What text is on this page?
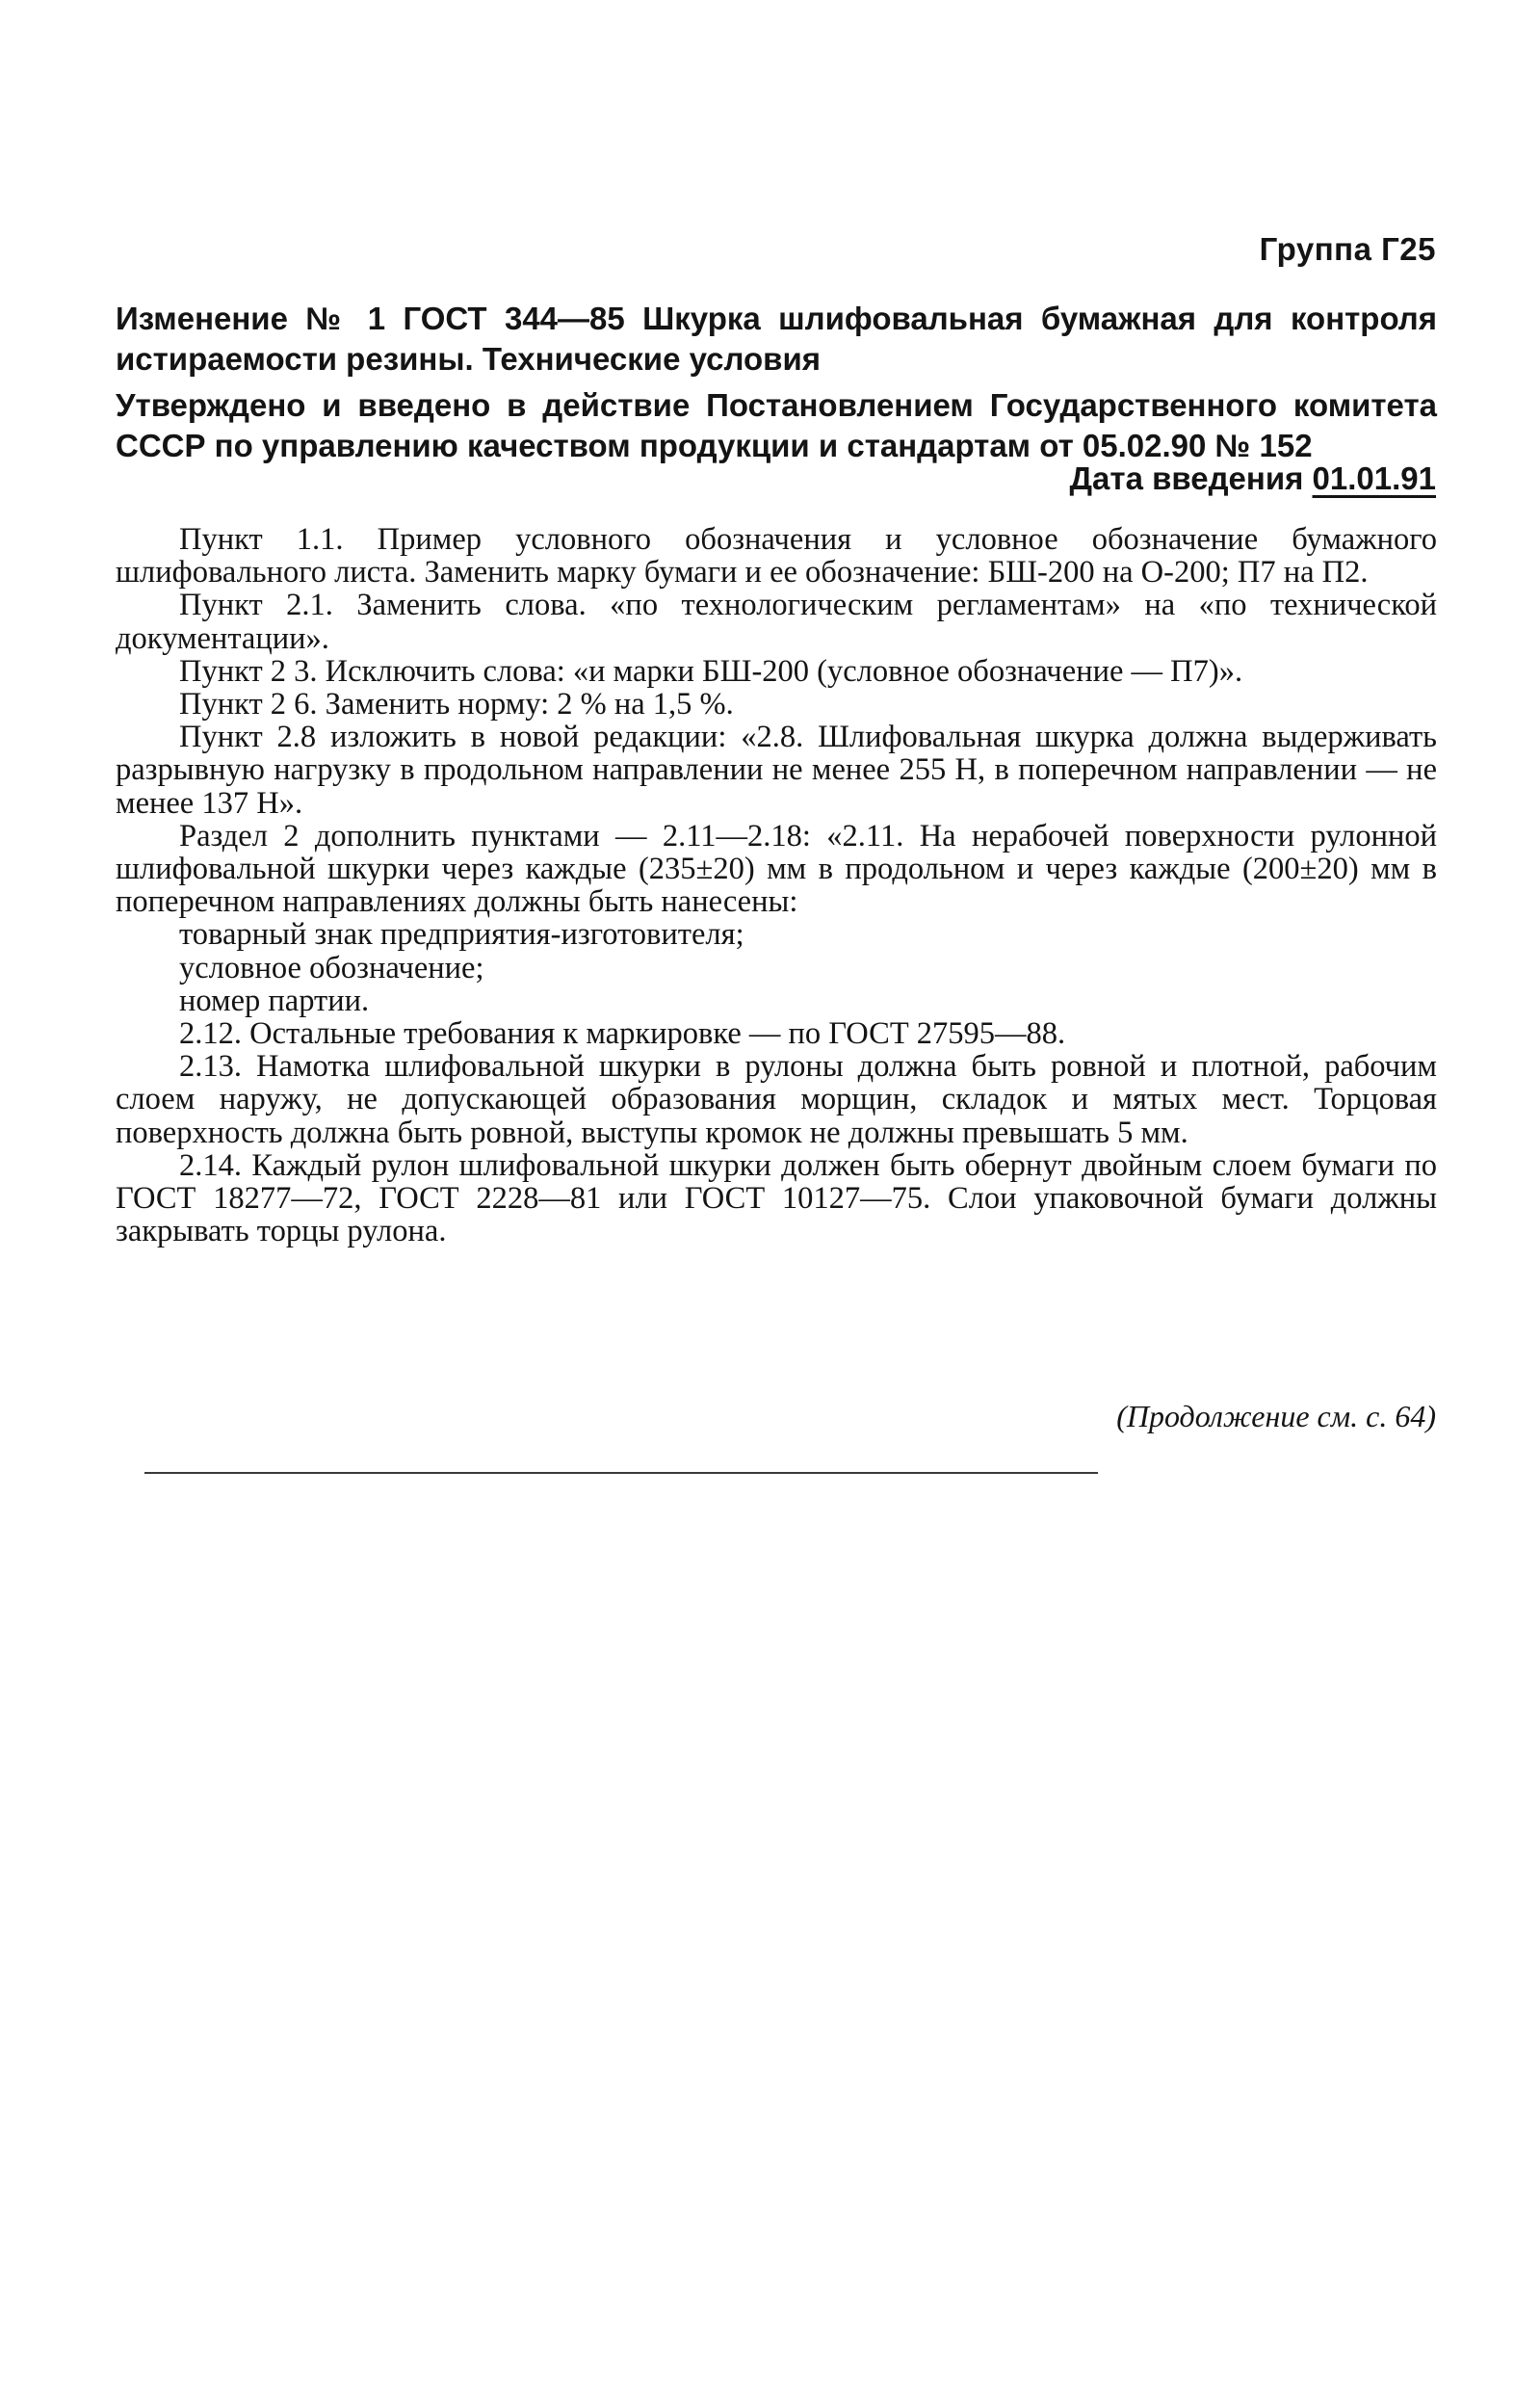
Группа Г25
Изменение № 1 ГОСТ 344—85 Шкурка шлифовальная бумажная для контроля истираемости резины. Технические условия
Утверждено и введено в действие Постановлением Государственного комитета СССР по управлению качеством продукции и стандартам от 05.02.90 № 152
Дата введения 01.01.91

Пункт 1.1. Пример условного обозначения и условное обозначение бумажного шлифовального листа. Заменить марку бумаги и ее обозначение: БШ-200 на О-200; П7 на П2.

Пункт 2.1. Заменить слова. «по технологическим регламентам» на «по технической документации».

Пункт 2 3. Исключить слова: «и марки БШ-200 (условное обозначение — П7)».

Пункт 2 6. Заменить норму: 2 % на 1,5 %.

Пункт 2.8 изложить в новой редакции: «2.8. Шлифовальная шкурка должна выдерживать разрывную нагрузку в продольном направлении не менее 255 Н, в поперечном направлении — не менее 137 Н».

Раздел 2 дополнить пунктами — 2.11—2.18: «2.11. На нерабочей поверхности рулонной шлифовальной шкурки через каждые (235±20) мм в продольном и через каждые (200±20) мм в поперечном направлениях должны быть нанесены:

товарный знак предприятия-изготовителя;

условное обозначение;

номер партии.

2.12. Остальные требования к маркировке — по ГОСТ 27595—88.

2.13. Намотка шлифовальной шкурки в рулоны должна быть ровной и плотной, рабочим слоем наружу, не допускающей образования морщин, складок и мятых мест. Торцовая поверхность должна быть ровной, выступы кромок не должны превышать 5 мм.

2.14. Каждый рулон шлифовальной шкурки должен быть обернут двойным слоем бумаги по ГОСТ 18277—72, ГОСТ 2228—81 или ГОСТ 10127—75. Слои упаковочной бумаги должны закрывать торцы рулона.

(Продолжение см. с. 64)
